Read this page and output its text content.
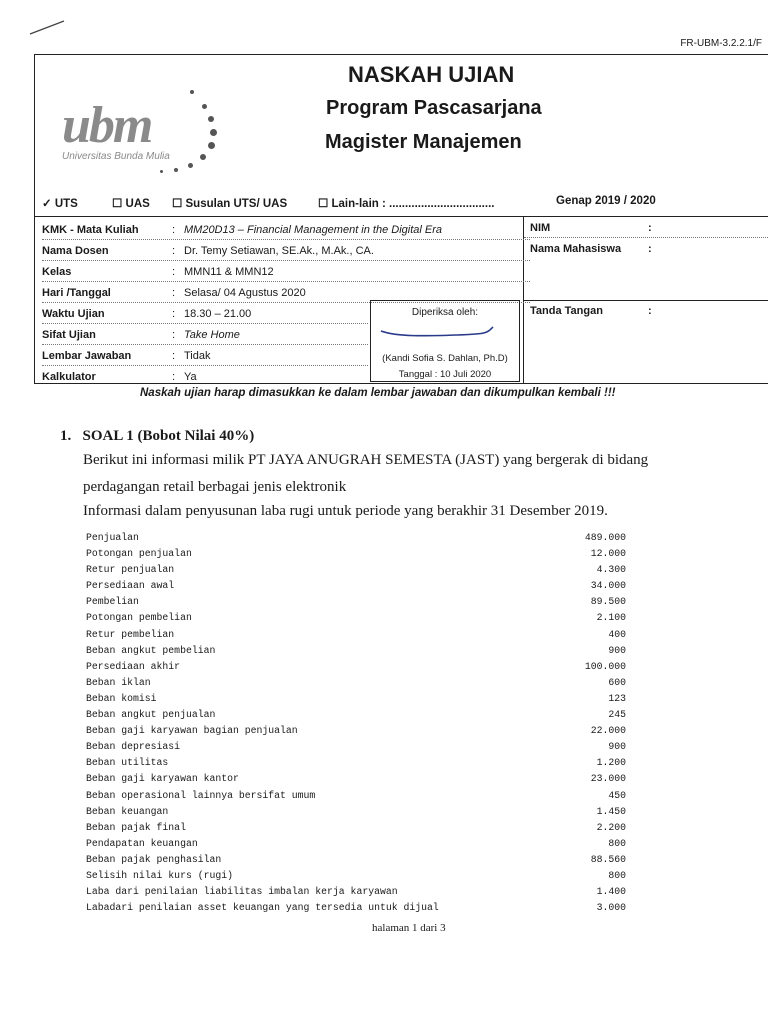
FR-UBM-3.2.2.1/F
ubm
Universitas Bunda Mulia
NASKAH UJIAN
Program Pascasarjana
Magister Manajemen
✓ UTS	☐ UAS ☐ Susulan UTS/ UAS	☐ Lain-lain : .................................	Genap 2019 / 2020
KMK - Mata Kuliah	: MM20D13 – Financial Management in the Digital Era
Nama Dosen	: Dr. Temy Setiawan, SE.Ak., M.Ak., CA.
Kelas	: MMN11 & MMN12
Hari /Tanggal	: Selasa/ 04 Agustus 2020
Waktu Ujian	: 18.30 – 21.00
Sifat Ujian	: Take Home
Lembar Jawaban	: Tidak
Kalkulator	: Ya
Diperiksa oleh:
(Kandi Sofia S. Dahlan, Ph.D)
Tanggal : 10 Juli 2020
NIM	:
Nama Mahasiswa :
Tanda Tangan	:
Naskah ujian harap dimasukkan ke dalam lembar jawaban dan dikumpulkan kembali !!!
1.   SOAL 1 (Bobot Nilai 40%)
Berikut ini informasi milik PT JAYA ANUGRAH SEMESTA (JAST) yang bergerak di bidang
perdagangan retail berbagai jenis elektronik
Informasi dalam penyusunan laba rugi untuk periode yang berakhir 31 Desember 2019.
Penjualan	489.000
Potongan penjualan	12.000
Retur penjualan	4.300
Persediaan awal	34.000
Pembelian	89.500
Potongan pembelian	2.100
Retur pembelian	400
Beban angkut pembelian	900
Persediaan akhir	100.000
Beban iklan	600
Beban komisi	123
Beban angkut penjualan	245
Beban gaji karyawan bagian penjualan	22.000
Beban depresiasi	900
Beban utilitas	1.200
Beban gaji karyawan kantor	23.000
Beban operasional lainnya bersifat umum	450
Beban keuangan	1.450
Beban pajak final	2.200
Pendapatan keuangan	800
Beban pajak penghasilan	88.560
Selisih nilai kurs (rugi)	800
Laba dari penilaian liabilitas imbalan kerja karyawan	1.400
Labadari penilaian asset keuangan yang tersedia untuk dijual	3.000
halaman 1 dari 3
